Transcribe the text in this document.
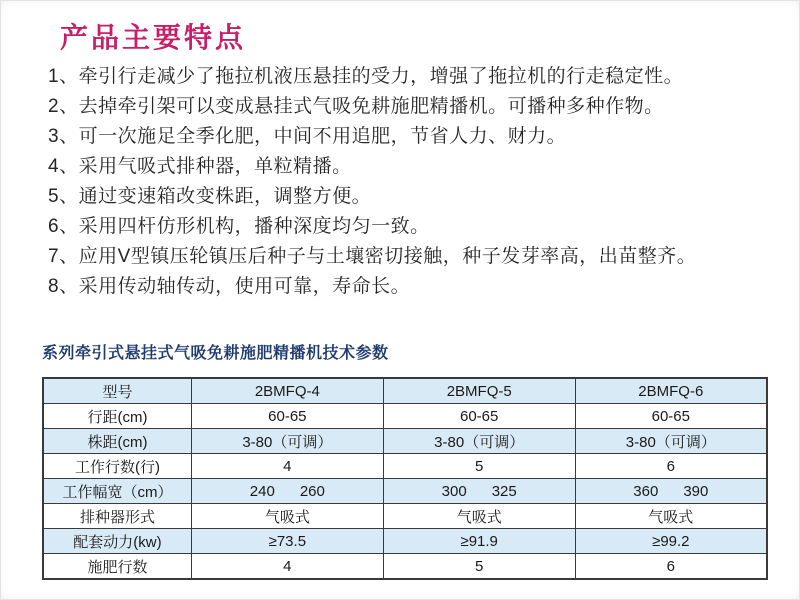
产品主要特点
1、牵引行走减少了拖拉机液压悬挂的受力，增强了拖拉机的行走稳定性。
2、去掉牵引架可以变成悬挂式气吸免耕施肥精播机。可播种多种作物。
3、可一次施足全季化肥，中间不用追肥，节省人力、财力。
4、采用气吸式排种器，单粒精播。
5、通过变速箱改变株距，调整方便。
6、采用四杆仿形机构，播种深度均匀一致。
7、应用V型镇压轮镇压后种子与土壤密切接触，种子发芽率高，出苗整齐。
8、采用传动轴传动，使用可靠，寿命长。
系列牵引式悬挂式气吸免耕施肥精播机技术参数
型号	2BMFQ-4	2BMFQ-5	2BMFQ-6
行距(cm)	60-65	60-65	60-65
株距(cm)	3-80（可调）	3-80（可调）	3-80（可调）
工作行数(行)	4	5	6
工作幅宽（cm）	240      260	300      325	360      390
排种器形式	气吸式	气吸式	气吸式
配套动力(kw)	≥73.5	≥91.9	≥99.2
施肥行数	4	5	6
